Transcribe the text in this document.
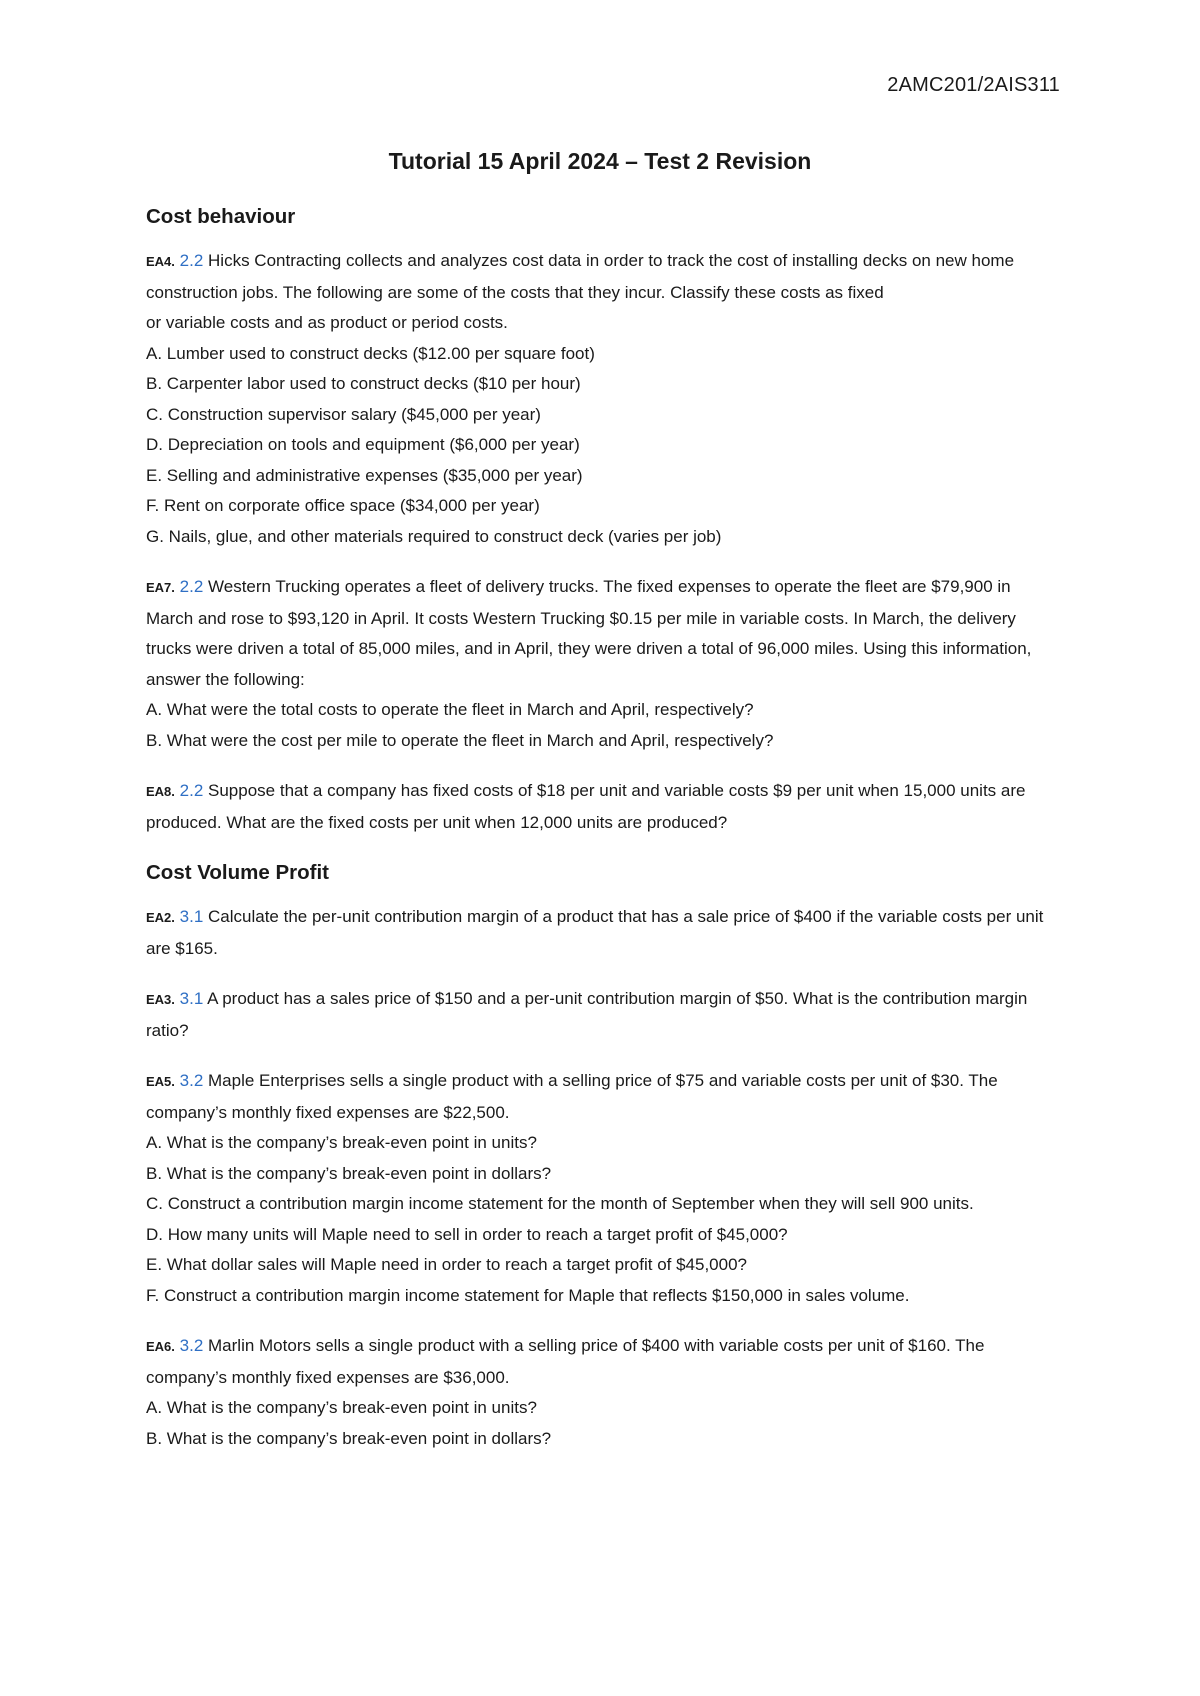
2AMC201/2AIS311
Tutorial 15 April 2024 – Test 2 Revision
Cost behaviour
EA4. 2.2 Hicks Contracting collects and analyzes cost data in order to track the cost of installing decks on new home construction jobs. The following are some of the costs that they incur. Classify these costs as fixed
or variable costs and as product or period costs.
A. Lumber used to construct decks ($12.00 per square foot)
B. Carpenter labor used to construct decks ($10 per hour)
C. Construction supervisor salary ($45,000 per year)
D. Depreciation on tools and equipment ($6,000 per year)
E. Selling and administrative expenses ($35,000 per year)
F. Rent on corporate office space ($34,000 per year)
G. Nails, glue, and other materials required to construct deck (varies per job)
EA7. 2.2 Western Trucking operates a fleet of delivery trucks. The fixed expenses to operate the fleet are $79,900 in March and rose to $93,120 in April. It costs Western Trucking $0.15 per mile in variable costs. In March, the delivery trucks were driven a total of 85,000 miles, and in April, they were driven a total of 96,000 miles. Using this information, answer the following:
A. What were the total costs to operate the fleet in March and April, respectively?
B. What were the cost per mile to operate the fleet in March and April, respectively?
EA8. 2.2 Suppose that a company has fixed costs of $18 per unit and variable costs $9 per unit when 15,000 units are produced. What are the fixed costs per unit when 12,000 units are produced?
Cost Volume Profit
EA2. 3.1 Calculate the per-unit contribution margin of a product that has a sale price of $400 if the variable costs per unit are $165.
EA3. 3.1 A product has a sales price of $150 and a per-unit contribution margin of $50. What is the contribution margin ratio?
EA5. 3.2 Maple Enterprises sells a single product with a selling price of $75 and variable costs per unit of $30. The company’s monthly fixed expenses are $22,500.
A. What is the company’s break-even point in units?
B. What is the company’s break-even point in dollars?
C. Construct a contribution margin income statement for the month of September when they will sell 900 units.
D. How many units will Maple need to sell in order to reach a target profit of $45,000?
E. What dollar sales will Maple need in order to reach a target profit of $45,000?
F. Construct a contribution margin income statement for Maple that reflects $150,000 in sales volume.
EA6. 3.2 Marlin Motors sells a single product with a selling price of $400 with variable costs per unit of $160. The company’s monthly fixed expenses are $36,000.
A. What is the company’s break-even point in units?
B. What is the company’s break-even point in dollars?
